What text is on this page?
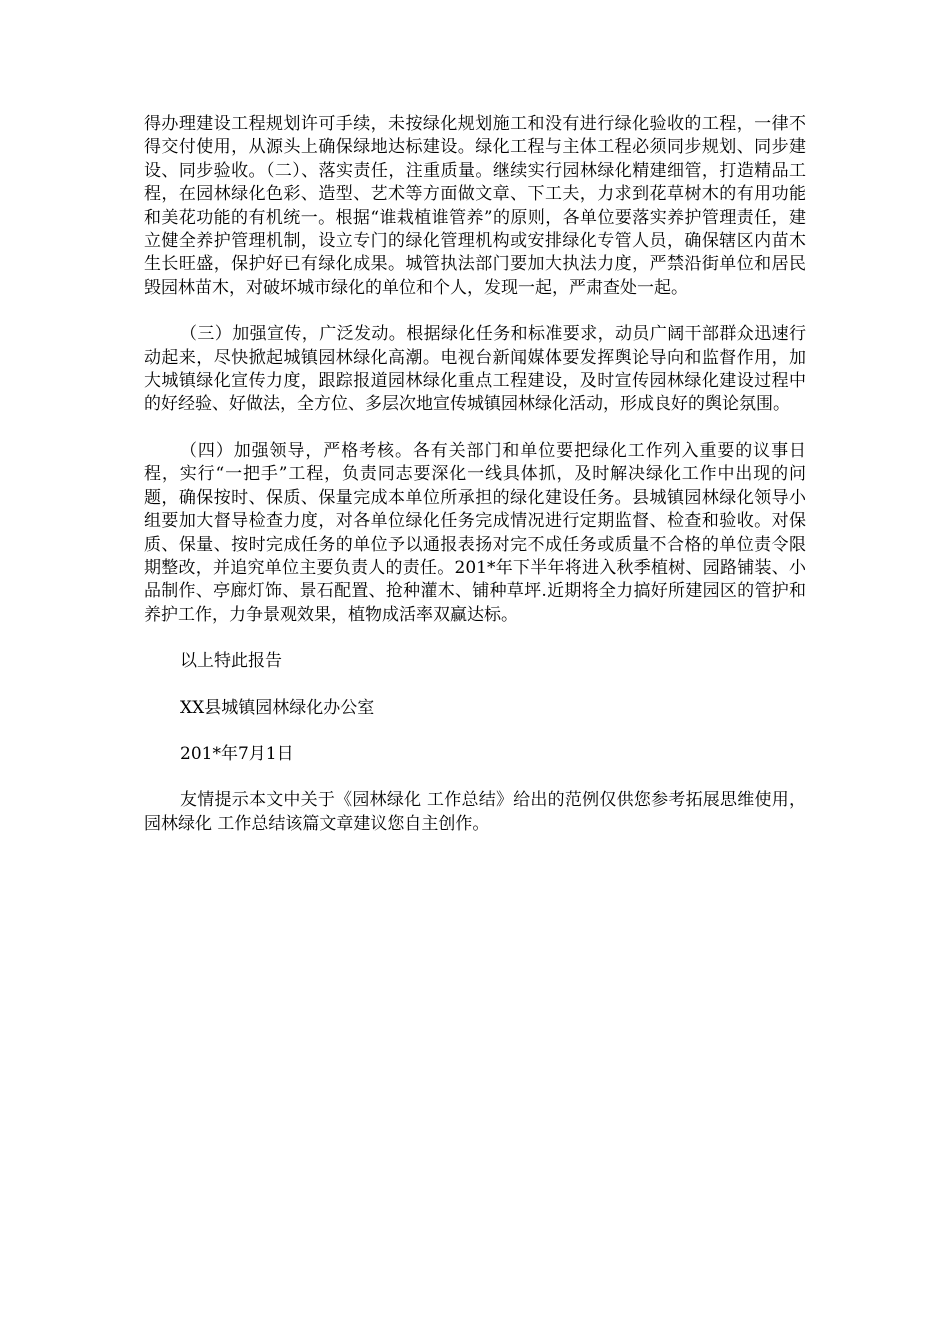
得办理建设工程规划许可手续，未按绿化规划施工和没有进行绿化验收的工程，一律不得交付使用，从源头上确保绿地达标建设。绿化工程与主体工程必须同步规划、同步建设、同步验收。（二）、落实责任，注重质量。继续实行园林绿化精建细管，打造精品工程，在园林绿化色彩、造型、艺术等方面做文章、下工夫，力求到花草树木的有用功能和美花功能的有机统一。根据“谁栽植谁管养”的原则，各单位要落实养护管理责任，建立健全养护管理机制，设立专门的绿化管理机构或安排绿化专管人员，确保辖区内苗木生长旺盛，保护好已有绿化成果。城管执法部门要加大执法力度，严禁沿街单位和居民毁园林苗木，对破坏城市绿化的单位和个人，发现一起，严肃查处一起。

（三）加强宣传，广泛发动。根据绿化任务和标准要求，动员广阔干部群众迅速行动起来，尽快掀起城镇园林绿化高潮。电视台新闻媒体要发挥舆论导向和监督作用，加大城镇绿化宣传力度，跟踪报道园林绿化重点工程建设，及时宣传园林绿化建设过程中的好经验、好做法，全方位、多层次地宣传城镇园林绿化活动，形成良好的舆论氛围。

（四）加强领导，严格考核。各有关部门和单位要把绿化工作列入重要的议事日程，实行“一把手”工程，负责同志要深化一线具体抓，及时解决绿化工作中出现的问题，确保按时、保质、保量完成本单位所承担的绿化建设任务。县城镇园林绿化领导小组要加大督导检查力度，对各单位绿化任务完成情况进行定期监督、检查和验收。对保质、保量、按时完成任务的单位予以通报表扬对完不成任务或质量不合格的单位责令限期整改，并追究单位主要负责人的责任。201*年下半年将进入秋季植树、园路铺装、小品制作、亭廊灯饰、景石配置、抢种灌木、铺种草坪.近期将全力搞好所建园区的管护和养护工作，力争景观效果，植物成活率双赢达标。

以上特此报告

XX县城镇园林绿化办公室

201*年7月1日

友情提示本文中关于《园林绿化 工作总结》给出的范例仅供您参考拓展思维使用，园林绿化 工作总结该篇文章建议您自主创作。
